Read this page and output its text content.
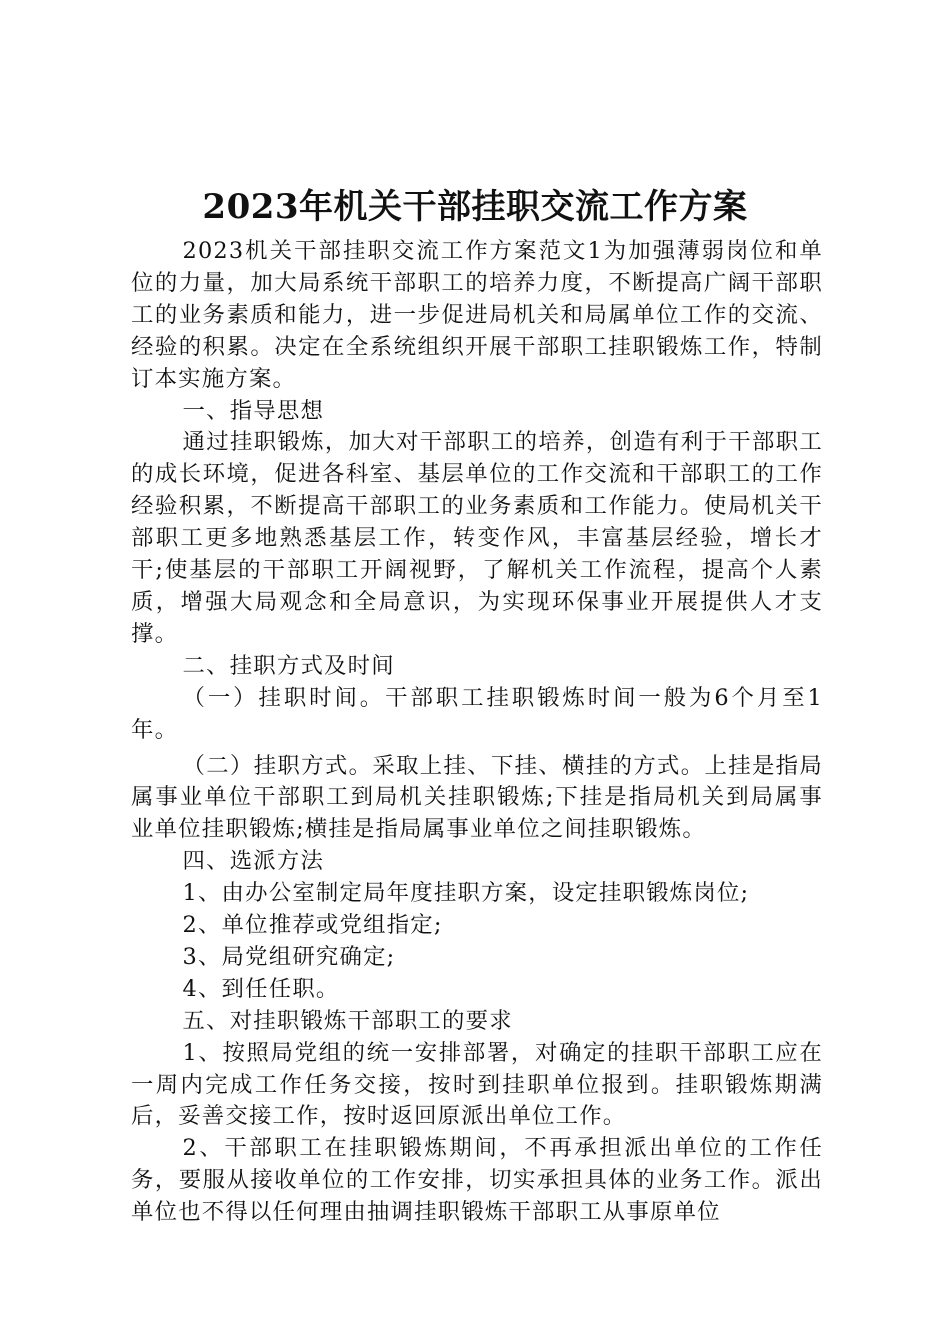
2023年机关干部挂职交流工作方案

2023机关干部挂职交流工作方案范文1为加强薄弱岗位和单位的力量，加大局系统干部职工的培养力度，不断提高广阔干部职工的业务素质和能力，进一步促进局机关和局属单位工作的交流、经验的积累。决定在全系统组织开展干部职工挂职锻炼工作，特制订本实施方案。

一、指导思想

通过挂职锻炼，加大对干部职工的培养，创造有利于干部职工的成长环境，促进各科室、基层单位的工作交流和干部职工的工作经验积累，不断提高干部职工的业务素质和工作能力。使局机关干部职工更多地熟悉基层工作，转变作风，丰富基层经验，增长才干;使基层的干部职工开阔视野，了解机关工作流程，提高个人素质，增强大局观念和全局意识，为实现环保事业开展提供人才支撑。

二、挂职方式及时间

（一）挂职时间。干部职工挂职锻炼时间一般为6个月至1年。

（二）挂职方式。采取上挂、下挂、横挂的方式。上挂是指局属事业单位干部职工到局机关挂职锻炼;下挂是指局机关到局属事业单位挂职锻炼;横挂是指局属事业单位之间挂职锻炼。

四、选派方法

1、由办公室制定局年度挂职方案，设定挂职锻炼岗位;

2、单位推荐或党组指定;

3、局党组研究确定;

4、到任任职。

五、对挂职锻炼干部职工的要求

1、按照局党组的统一安排部署，对确定的挂职干部职工应在一周内完成工作任务交接，按时到挂职单位报到。挂职锻炼期满后，妥善交接工作，按时返回原派出单位工作。

2、干部职工在挂职锻炼期间，不再承担派出单位的工作任务，要服从接收单位的工作安排，切实承担具体的业务工作。派出单位也不得以任何理由抽调挂职锻炼干部职工从事原单位
